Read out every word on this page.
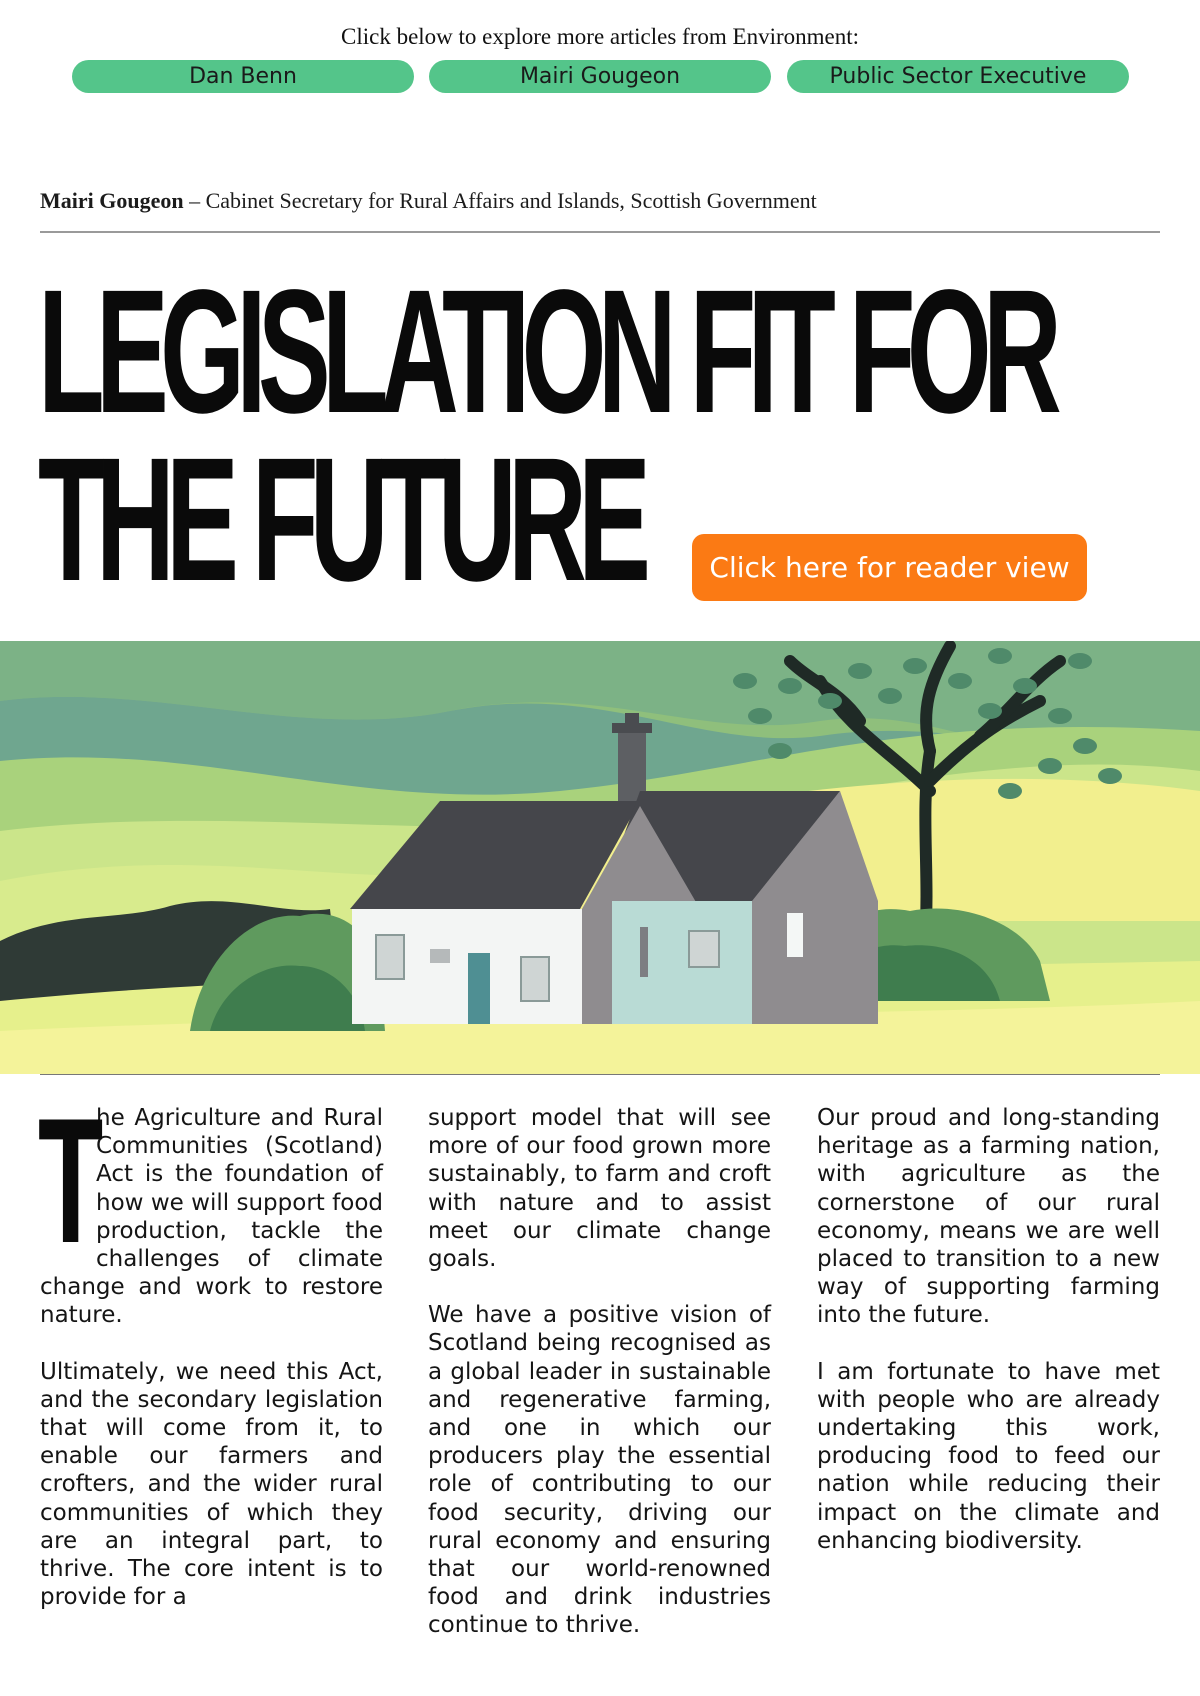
Click below to explore more articles from Environment:
Dan Benn	Mairi Gougeon	Public Sector Executive
Mairi Gougeon – Cabinet Secretary for Rural Affairs and Islands, Scottish Government
LEGISLATION FIT FOR
THE FUTURE	Click here for reader view

T
he Agriculture and Rural Communities (Scotland) Act is the foundation of how we will support food production, tackle the challenges of climate change and work to restore nature.

Ultimately, we need this Act, and the secondary legislation that will come from it, to enable our farmers and crofters, and the wider rural communities of which they are an integral part, to thrive. The core intent is to provide for a

support model that will see more of our food grown more sustainably, to farm and croft with nature and to assist meet our climate change goals.

We have a positive vision of Scotland being recognised as a global leader in sustainable and regenerative farming, and one in which our producers play the essential role of contributing to our food security, driving our rural economy and ensuring that our world-renowned food and drink industries continue to thrive.

Our proud and long-standing heritage as a farming nation, with agriculture as the cornerstone of our rural economy, means we are well placed to transition to a new way of supporting farming into the future.

I am fortunate to have met with people who are already undertaking this work, producing food to feed our nation while reducing their impact on the climate and enhancing biodiversity.
